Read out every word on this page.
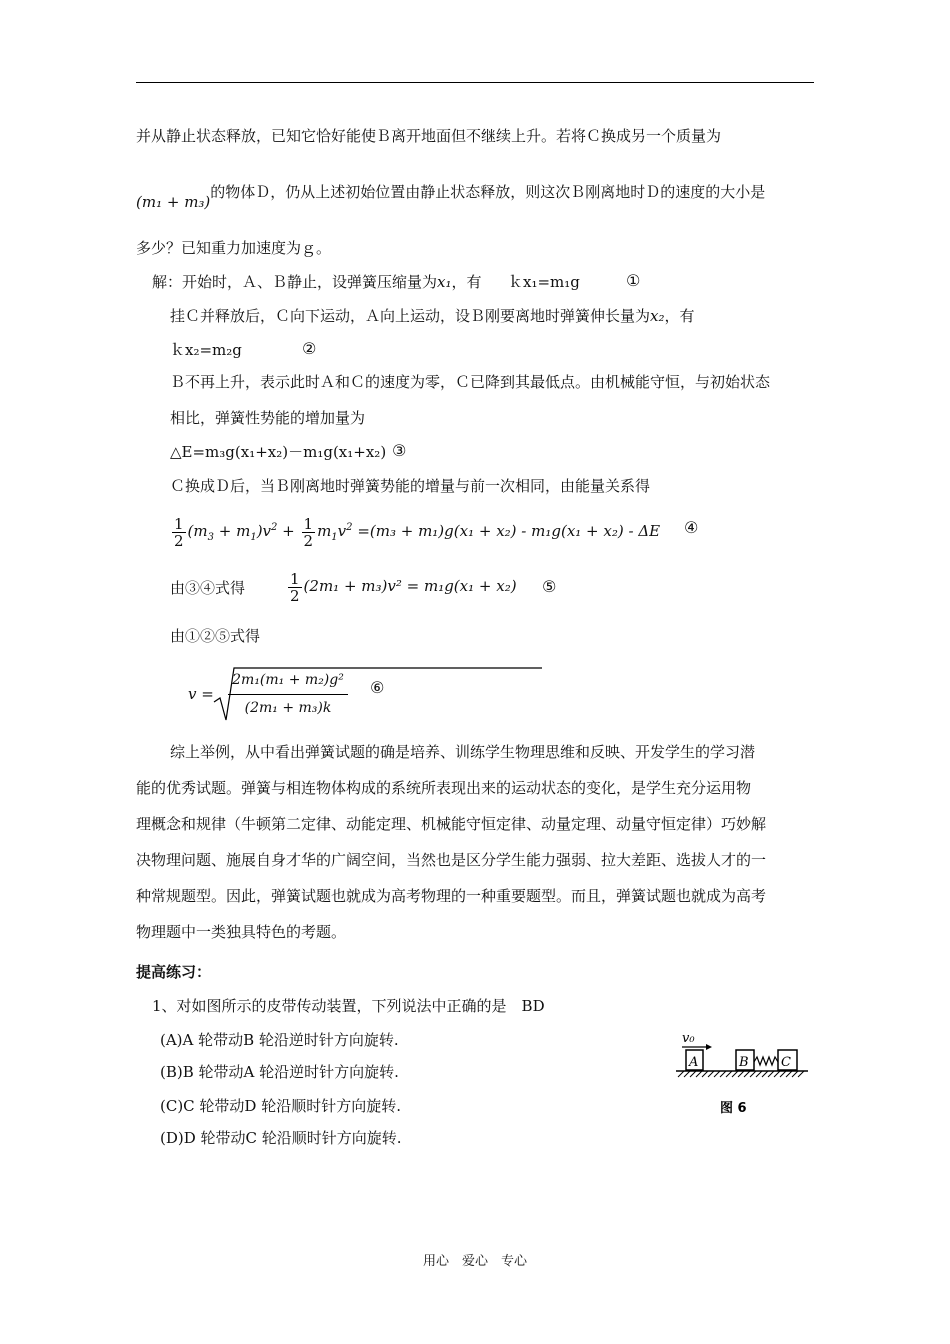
并从静止状态释放，已知它恰好能使Ｂ离开地面但不继续上升。若将Ｃ换成另一个质量为
(m₁ + m₃)的物体Ｄ，仍从上述初始位置由静止状态释放，则这次Ｂ刚离地时Ｄ的速度的大小是
多少？已知重力加速度为ｇ。
解：开始时，Ａ、Ｂ静止，设弹簧压缩量为x₁，有 ｋx₁=m₁g	①
挂Ｃ并释放后，Ｃ向下运动，Ａ向上运动，设Ｂ刚要离地时弹簧伸长量为x₂，有
ｋx₂=m₂g	②
Ｂ不再上升，表示此时Ａ和Ｃ的速度为零，Ｃ已降到其最低点。由机械能守恒，与初始状态
相比，弹簧性势能的增加量为
△E=m₃g(x₁+x₂)－m₁g(x₁+x₂) ③
Ｃ换成Ｄ后，当Ｂ刚离地时弹簧势能的增量与前一次相同，由能量关系得
$\frac{1}{2} (m_3 + m_1)v^2 + \frac{1}{2} m_1v^2 =(m_3 + m_1)g(x_1 + x_2) - m_1g(x_1 + x_2) - \Delta E$ ④
由③④式得	$\frac{1}{2} (2m_1 + m_3)v^2 = m_1g(x_1 + x_2)$ ⑤
由①②⑤式得
v =
2m₁(m₁ + m₂)g²
(2m₁ + m₃)k
⑥
综上举例，从中看出弹簧试题的确是培养、训练学生物理思维和反映、开发学生的学习潜
能的优秀试题。弹簧与相连物体构成的系统所表现出来的运动状态的变化，是学生充分运用物
理概念和规律（牛顿第二定律、动能定理、机械能守恒定律、动量定理、动量守恒定律）巧妙解
决物理问题、施展自身才华的广阔空间，当然也是区分学生能力强弱、拉大差距、选拔人才的一
种常规题型。因此，弹簧试题也就成为高考物理的一种重要题型。而且，弹簧试题也就成为高考
物理题中一类独具特色的考题。
提高练习：
1、对如图所示的皮带传动装置，下列说法中正确的是　BD
(A)A 轮带动B 轮沿逆时针方向旋转.
(B)B 轮带动A 轮沿逆时针方向旋转.
(C)C 轮带动D 轮沿顺时针方向旋转.
(D)D 轮带动C 轮沿顺时针方向旋转.
v₀
A	B C
图 6
用心　爱心　专心
